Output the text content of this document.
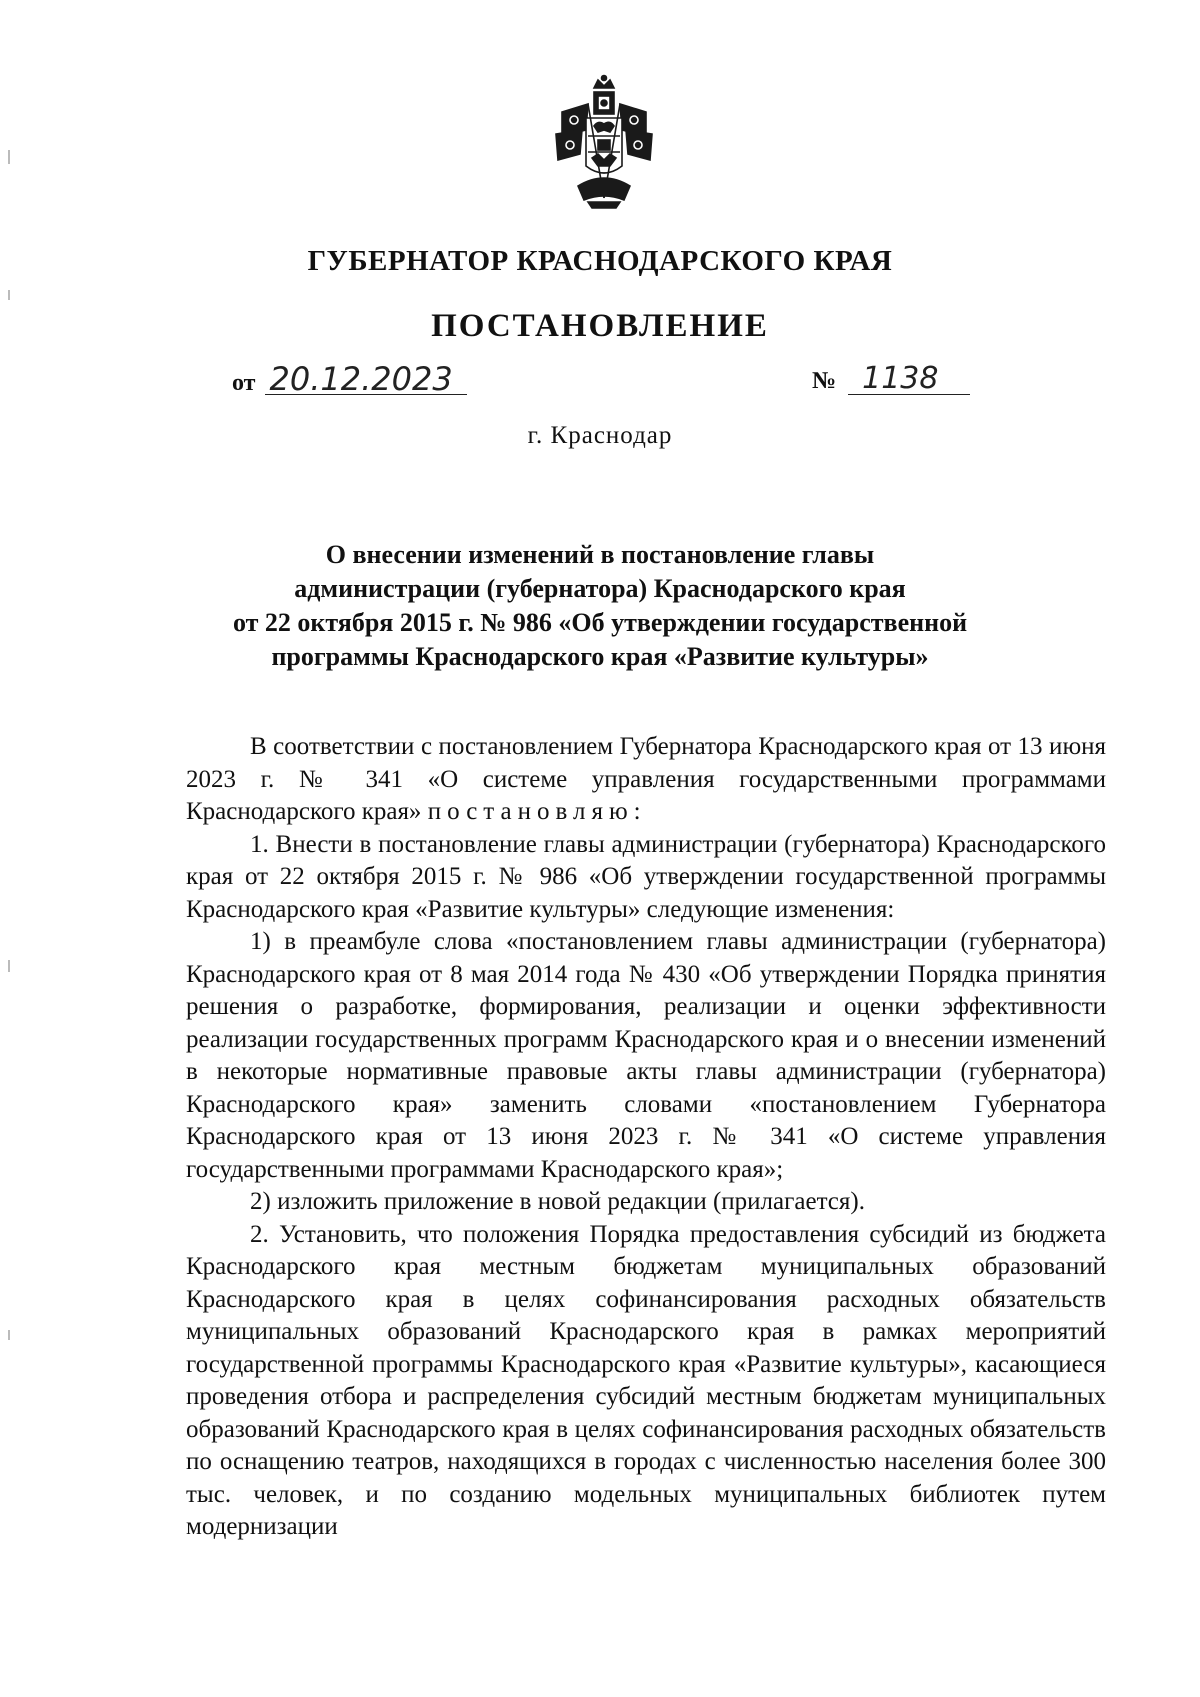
ГУБЕРНАТОР КРАСНОДАРСКОГО КРАЯ
ПОСТАНОВЛЕНИЕ
от 20.12.2023	№ 1138
г. Краснодар
О внесении изменений в постановление главы
администрации (губернатора) Краснодарского края
от 22 октября 2015 г. № 986 «Об утверждении государственной
программы Краснодарского края «Развитие культуры»

В соответствии с постановлением Губернатора Краснодарского края от 13 июня 2023 г. № 341 «О системе управления государственными программами Краснодарского края» постановляю:

1. Внести в постановление главы администрации (губернатора) Краснодарского края от 22 октября 2015 г. № 986 «Об утверждении государственной программы Краснодарского края «Развитие культуры» следующие изменения:

1) в преамбуле слова «постановлением главы администрации (губернатора) Краснодарского края от 8 мая 2014 года № 430 «Об утверждении Порядка принятия решения о разработке, формирования, реализации и оценки эффективности реализации государственных программ Краснодарского края и о внесении изменений в некоторые нормативные правовые акты главы администрации (губернатора) Краснодарского края» заменить словами «постановлением Губернатора Краснодарского края от 13 июня 2023 г. № 341 «О системе управления государственными программами Краснодарского края»;

2) изложить приложение в новой редакции (прилагается).

2. Установить, что положения Порядка предоставления субсидий из бюджета Краснодарского края местным бюджетам муниципальных образований Краснодарского края в целях софинансирования расходных обязательств муниципальных образований Краснодарского края в рамках мероприятий государственной программы Краснодарского края «Развитие культуры», касающиеся проведения отбора и распределения субсидий местным бюджетам муниципальных образований Краснодарского края в целях софинансирования расходных обязательств по оснащению театров, находящихся в городах с численностью населения более 300 тыс. человек, и по созданию модельных муниципальных библиотек путем модернизации
